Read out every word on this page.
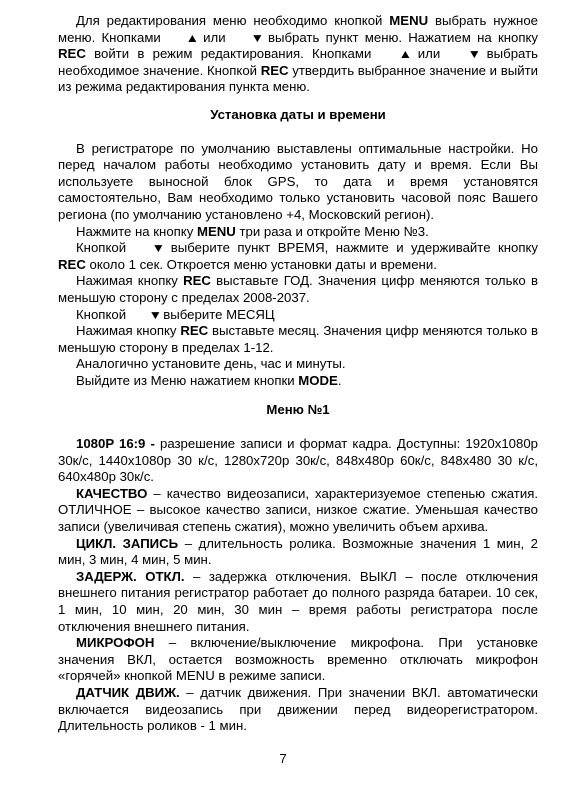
Для редактирования меню необходимо кнопкой MENU выбрать нужное меню. Кнопками ▲ или ▼ выбрать пункт меню. Нажатием на кнопку REC войти в режим редактирования. Кнопками ▲ или ▼ выбрать необходимое значение. Кнопкой REC утвердить выбранное значение и выйти из режима редактирования пункта меню.

Установка даты и времени

В регистраторе по умолчанию выставлены оптимальные настройки. Но перед началом работы необходимо установить дату и время. Если Вы используете выносной блок GPS, то дата и время установятся самостоятельно, Вам необходимо только установить часовой пояс Вашего региона (по умолчанию установлено +4, Московский регион).

Нажмите на кнопку MENU три раза и откройте Меню №3.

Кнопкой ▼ выберите пункт ВРЕМЯ, нажмите и удерживайте кнопку REC около 1 сек. Откроется меню установки даты и времени.

Нажимая кнопку REC выставьте ГОД. Значения цифр меняются только в меньшую сторону с пределах 2008-2037.

Кнопкой ▼ выберите МЕСЯЦ

Нажимая кнопку REC выставьте месяц. Значения цифр меняются только в меньшую сторону в пределах 1-12.

Аналогично установите день, час и минуты.

Выйдите из Меню нажатием кнопки MODE.

Меню №1

1080P 16:9 - разрешение записи и формат кадра. Доступны: 1920x1080p 30к/с, 1440x1080p 30 к/с, 1280x720p 30к/с, 848x480p 60к/с, 848x480 30 к/с, 640x480p 30к/с.

КАЧЕСТВО – качество видеозаписи, характеризуемое степенью сжатия. ОТЛИЧНОЕ – высокое качество записи, низкое сжатие. Уменьшая качество записи (увеличивая степень сжатия), можно увеличить объем архива.

ЦИКЛ. ЗАПИСЬ – длительность ролика. Возможные значения 1 мин, 2 мин, 3 мин, 4 мин, 5 мин.

ЗАДЕРЖ. ОТКЛ. – задержка отключения. ВЫКЛ – после отключения внешнего питания регистратор работает до полного разряда батареи. 10 сек, 1 мин, 10 мин, 20 мин, 30 мин – время работы регистратора после отключения внешнего питания.

МИКРОФОН – включение/выключение микрофона. При установке значения ВКЛ, остается возможность временно отключать микрофон «горячей» кнопкой MENU в режиме записи.

ДАТЧИК ДВИЖ. – датчик движения. При значении ВКЛ. автоматически включается видеозапись при движении перед видеорегистратором. Длительность роликов - 1 мин.

7
